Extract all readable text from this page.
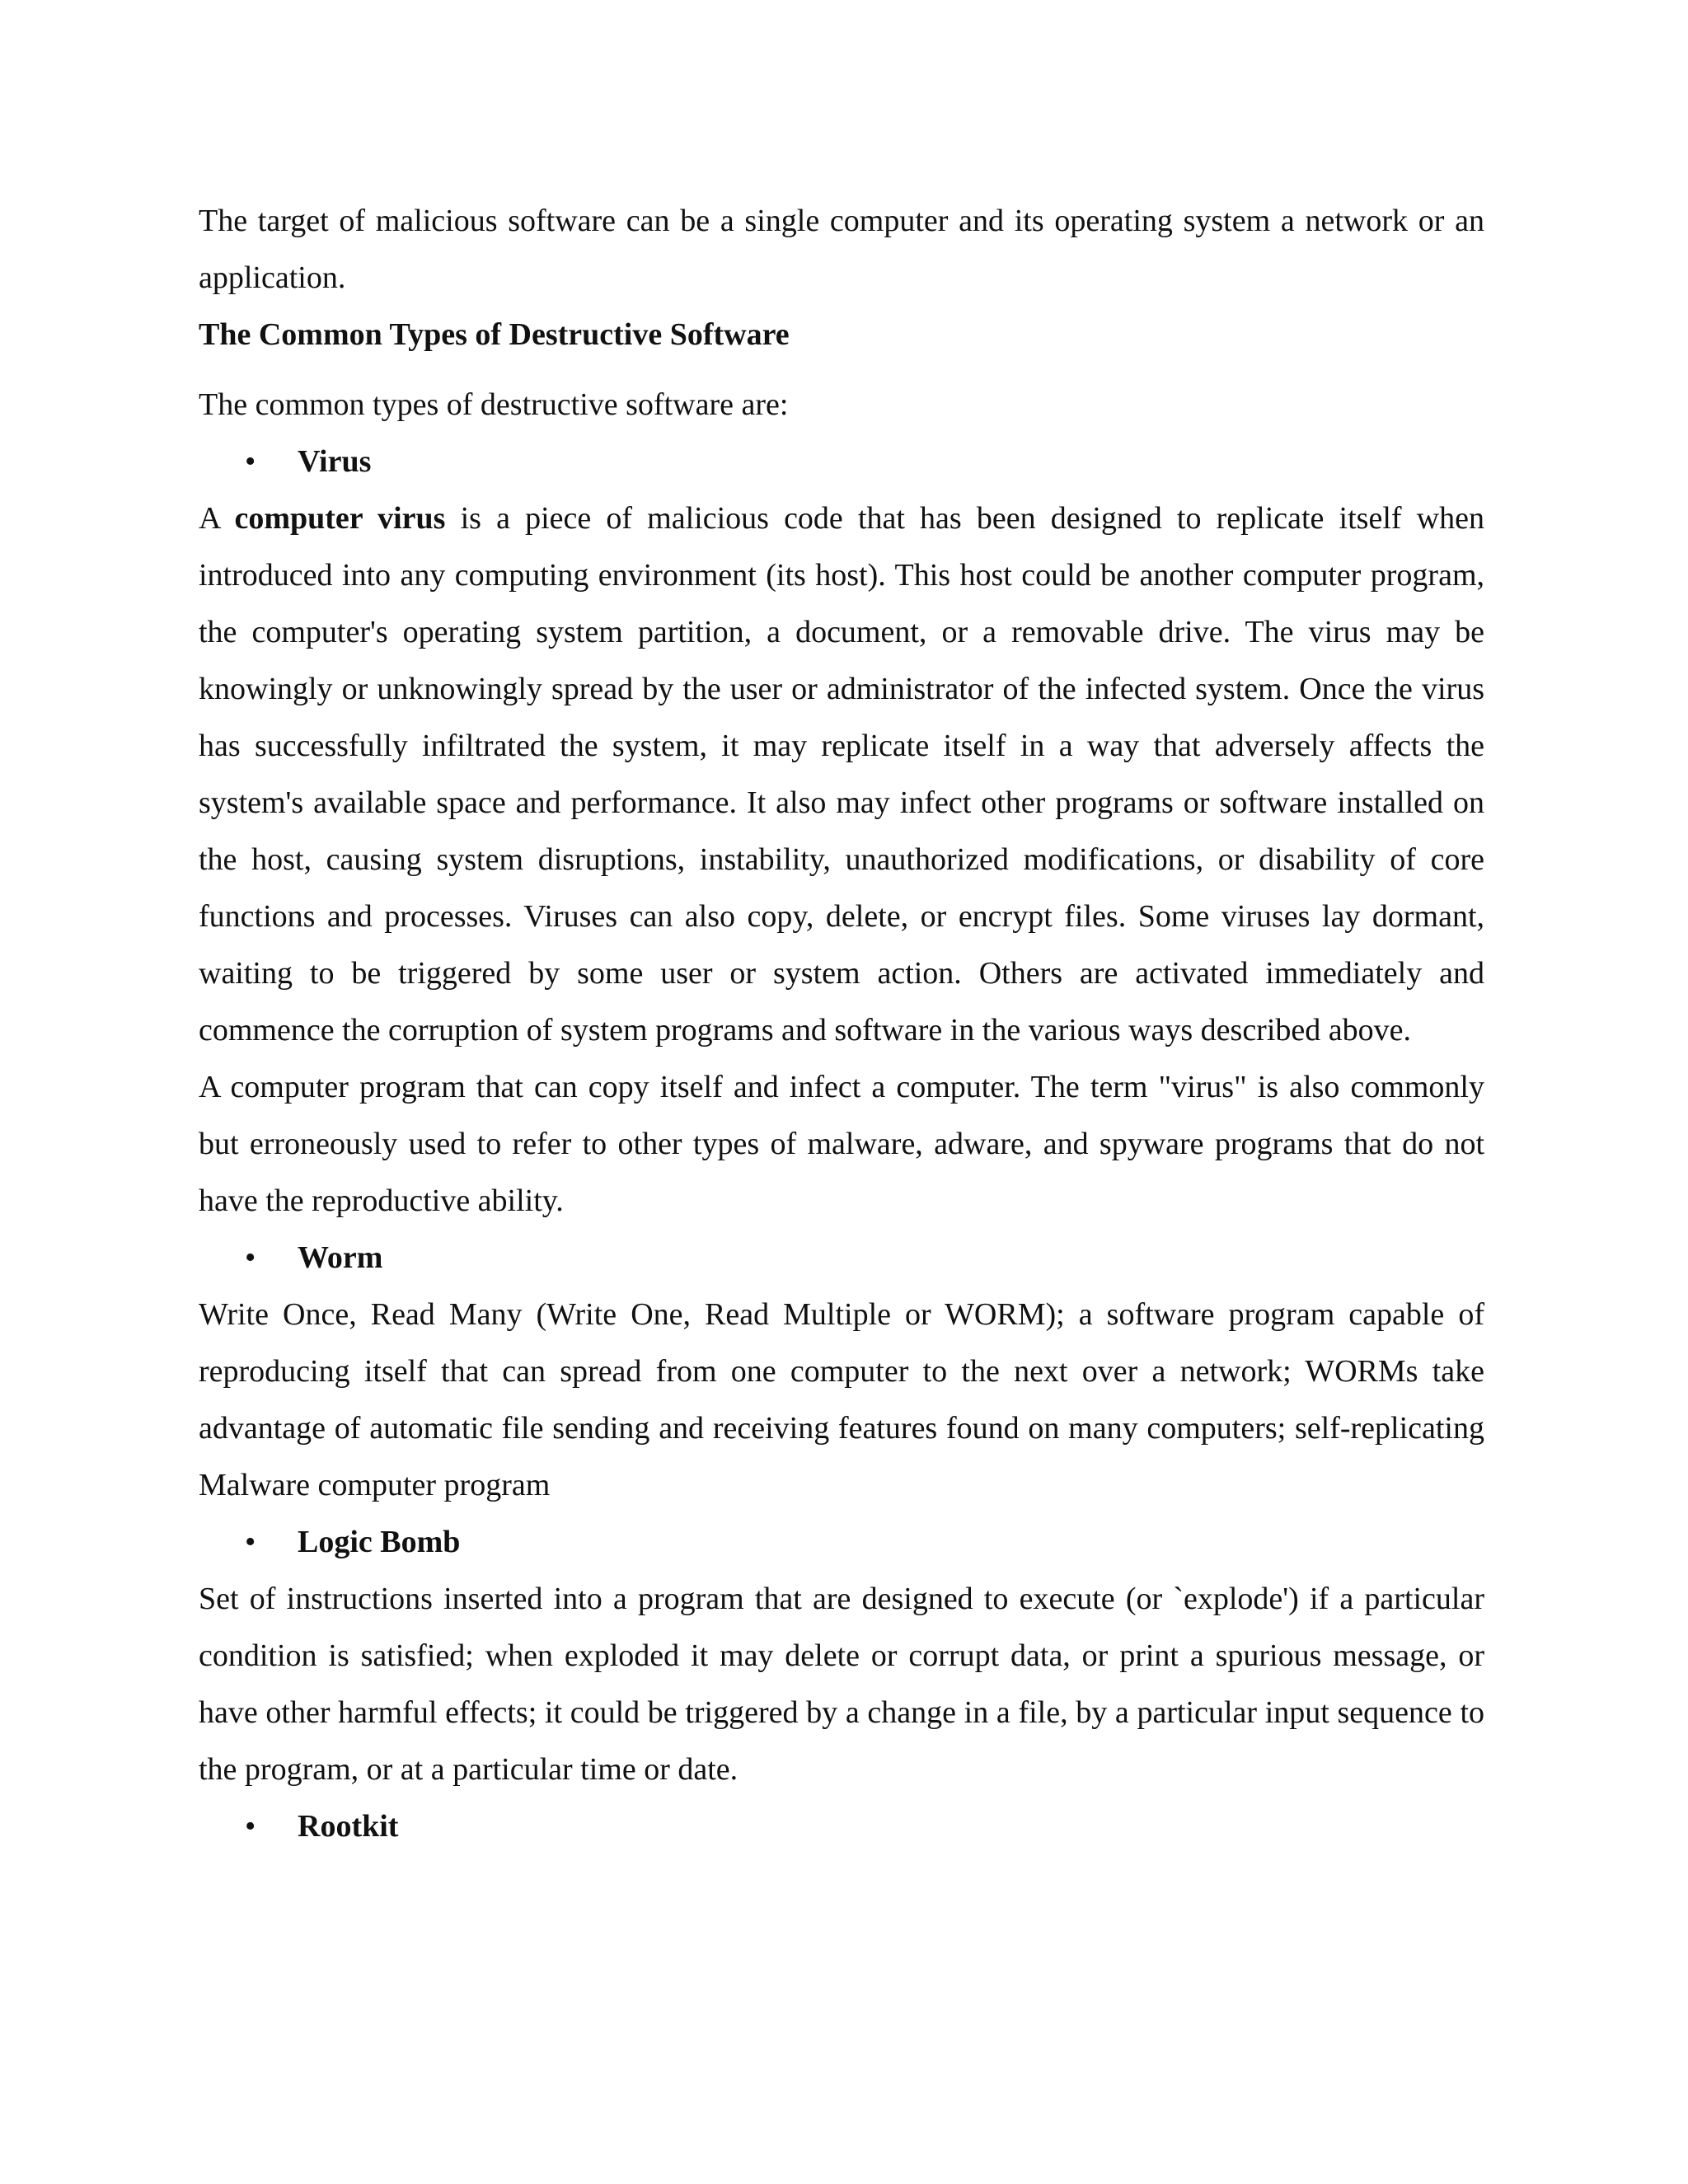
The target of malicious software can be a single computer and its operating system a network or an application.

The Common Types of Destructive Software

The common types of destructive software are:

• Virus

A computer virus is a piece of malicious code that has been designed to replicate itself when introduced into any computing environment (its host). This host could be another computer program, the computer's operating system partition, a document, or a removable drive. The virus may be knowingly or unknowingly spread by the user or administrator of the infected system. Once the virus has successfully infiltrated the system, it may replicate itself in a way that adversely affects the system's available space and performance. It also may infect other programs or software installed on the host, causing system disruptions, instability, unauthorized modifications, or disability of core functions and processes. Viruses can also copy, delete, or encrypt files. Some viruses lay dormant, waiting to be triggered by some user or system action. Others are activated immediately and commence the corruption of system programs and software in the various ways described above.

A computer program that can copy itself and infect a computer. The term "virus" is also commonly but erroneously used to refer to other types of malware, adware, and spyware programs that do not have the reproductive ability.

• Worm

Write Once, Read Many (Write One, Read Multiple or WORM); a software program capable of reproducing itself that can spread from one computer to the next over a network; WORMs take advantage of automatic file sending and receiving features found on many computers; self-replicating Malware computer program

• Logic Bomb

Set of instructions inserted into a program that are designed to execute (or `explode') if a particular condition is satisfied; when exploded it may delete or corrupt data, or print a spurious message, or have other harmful effects; it could be triggered by a change in a file, by a particular input sequence to the program, or at a particular time or date.

• Rootkit
